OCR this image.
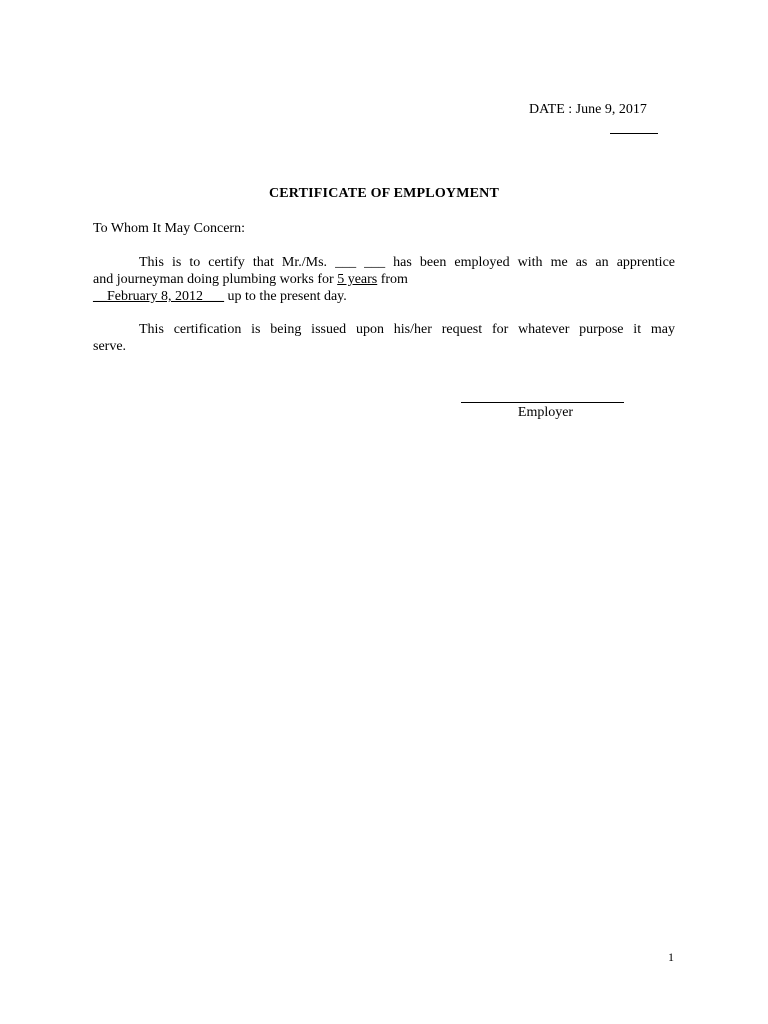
DATE : June 9, 2017
CERTIFICATE OF EMPLOYMENT
To Whom It May Concern:
This is to certify that Mr./Ms. ___ ___ has been employed with me as an apprentice
and journeyman doing plumbing works for 5 years from
__February 8, 2012___ up to the present day.
This certification is being issued upon his/her request for whatever purpose it may
serve.
Employer
1
